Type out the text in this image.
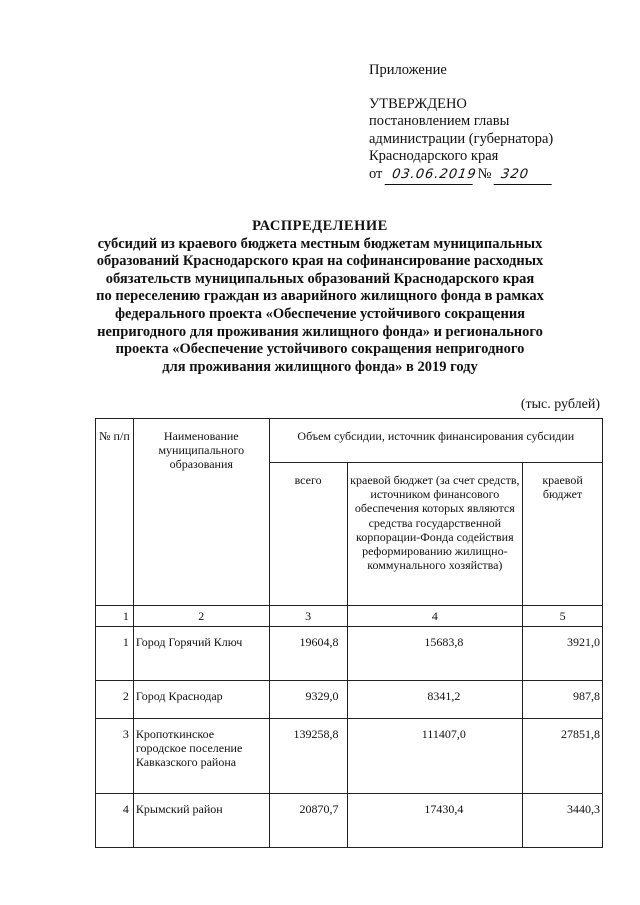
Приложение

УТВЕРЖДЕНО

постановлением главы

администрации (губернатора)

Краснодарского края

от 03.06.2019 № 320
РАСПРЕДЕЛЕНИЕ
субсидий из краевого бюджета местным бюджетам муниципальных
образований Краснодарского края на софинансирование расходных
обязательств муниципальных образований Краснодарского края
по переселению граждан из аварийного жилищного фонда в рамках
федерального проекта «Обеспечение устойчивого сокращения
непригодного для проживания жилищного фонда» и регионального
проекта «Обеспечение устойчивого сокращения непригодного
для проживания жилищного фонда» в 2019 году
(тыс. рублей)
№ п/п	Наименование муниципального образования	Объем субсидии, источник финансирования субсидии		
		всего	краевой бюджет (за счет средств, источником финансового обеспечения которых являются средства государственной корпорации-Фонда содействия реформированию жилищно-коммунального хозяйства)	краевой бюджет
1	2	3	4	5
1	Город Горячий Ключ	19604,8	15683,8	3921,0
2	Город Краснодар	9329,0	8341,2	987,8
3	Кропоткинское городское поселение Кавказского района	139258,8	111407,0	27851,8
4	Крымский район	20870,7	17430,4	3440,3
